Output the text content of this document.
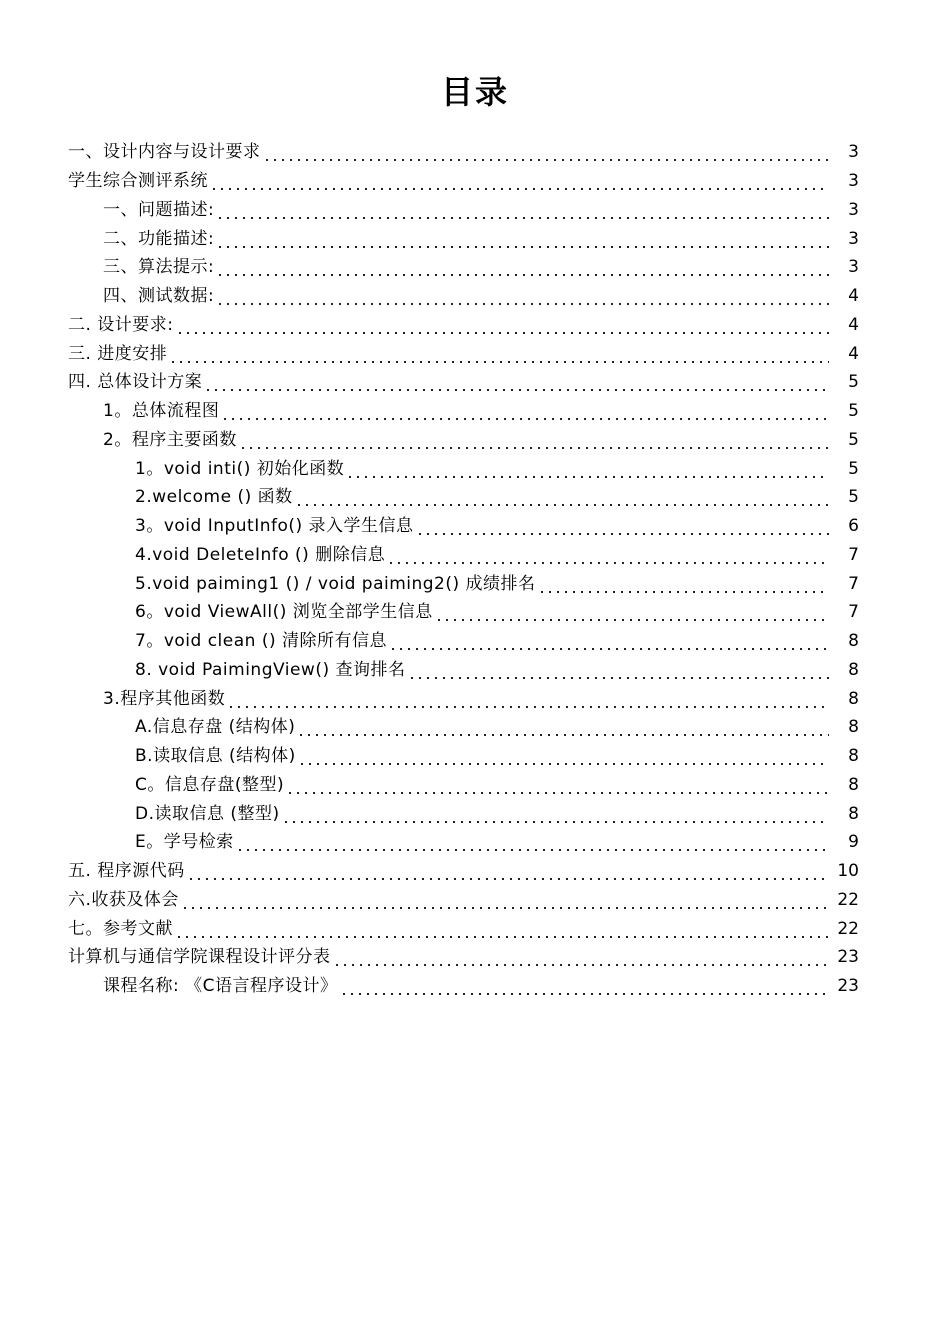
目录
一、设计内容与设计要求	3
学生综合测评系统	3
一、问题描述:	3
二、功能描述:	3
三、算法提示:	3
四、测试数据:	4
二. 设计要求:	4
三. 进度安排	4
四. 总体设计方案	5
1。总体流程图	5
2。程序主要函数	5
1。void inti() 初始化函数	5
2.welcome () 函数	5
3。void InputInfo() 录入学生信息	6
4.void DeleteInfo () 删除信息	7
5.void paiming1 () / void paiming2() 成绩排名	7
6。void ViewAll() 浏览全部学生信息	7
7。void clean () 清除所有信息	8
8. void PaimingView() 查询排名	8
3.程序其他函数	8
A.信息存盘 (结构体)	8
B.读取信息 (结构体)	8
C。信息存盘(整型)	8
D.读取信息 (整型)	8
E。学号检索	9
五. 程序源代码	10
六.收获及体会	22
七。参考文献	22
计算机与通信学院课程设计评分表	23
课程名称: 《C语言程序设计》	23
